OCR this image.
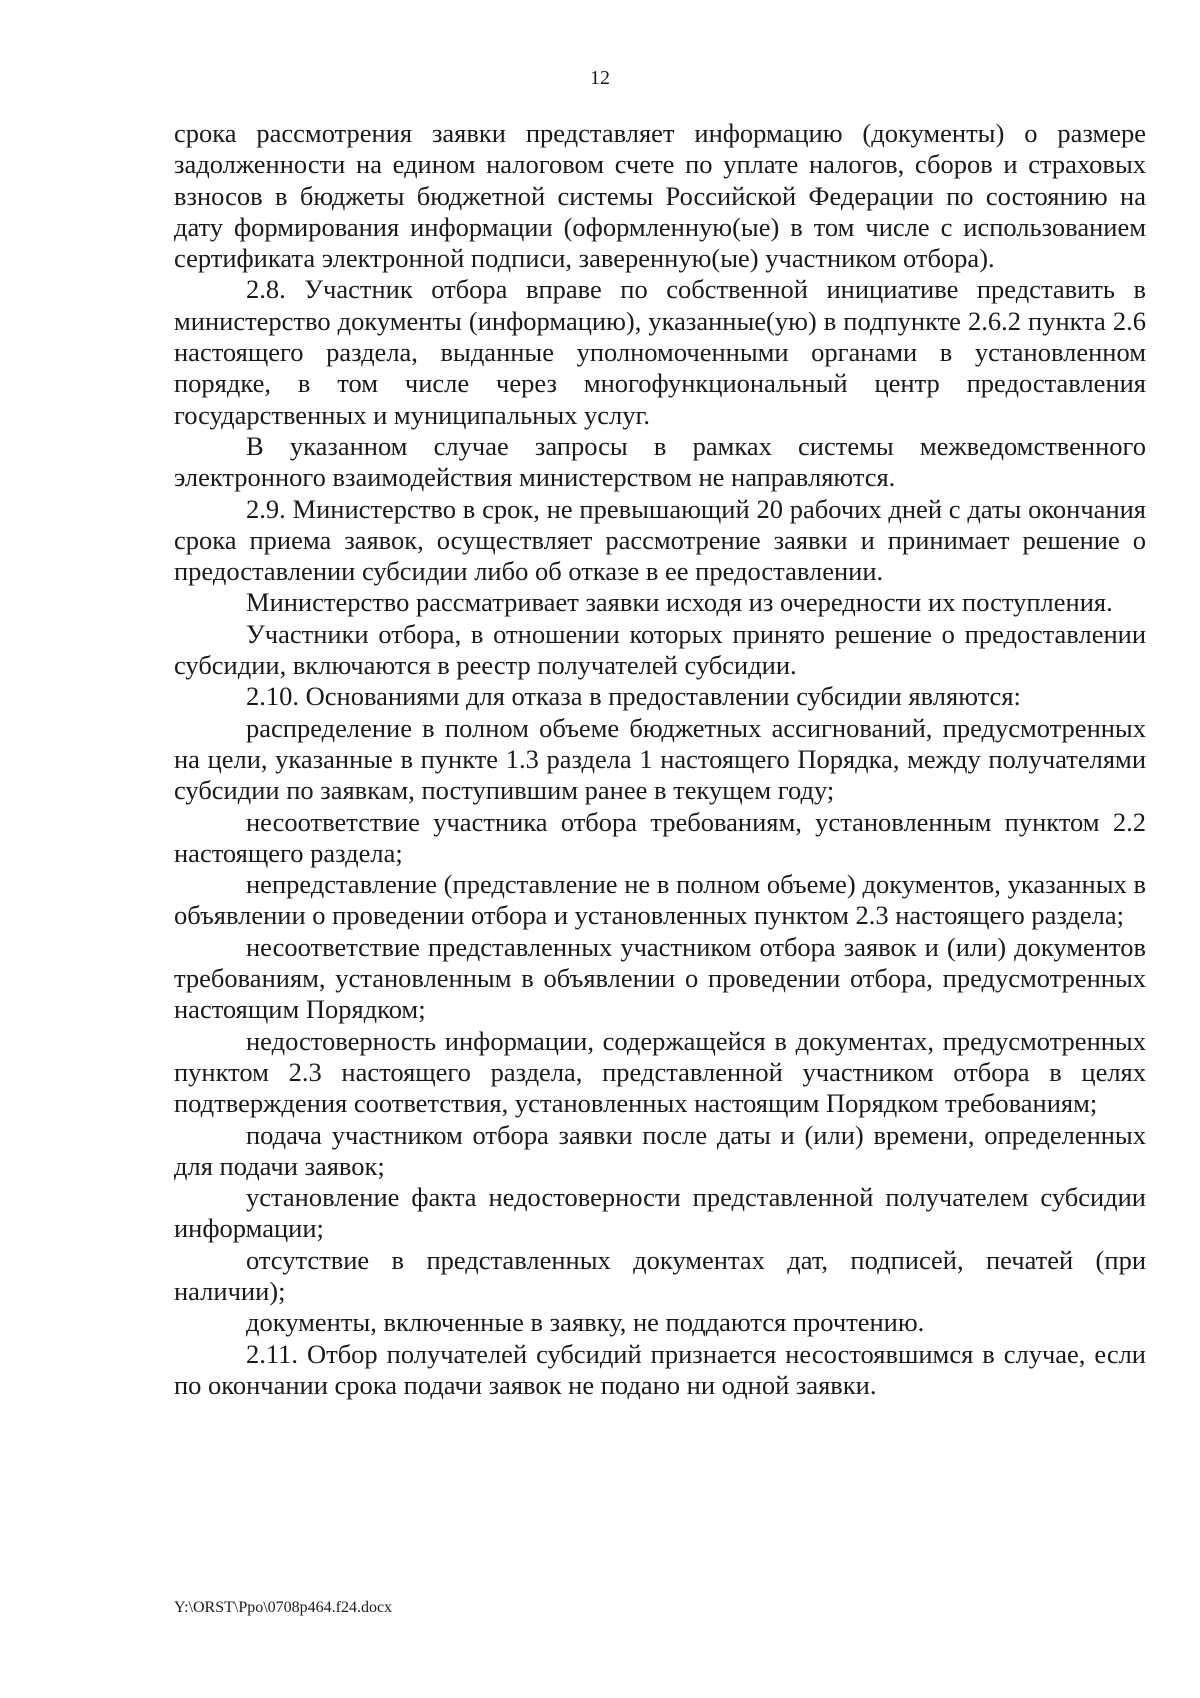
12

срока рассмотрения заявки представляет информацию (документы) о размере задолженности на едином налоговом счете по уплате налогов, сборов и страховых взносов в бюджеты бюджетной системы Российской Федерации по состоянию на дату формирования информации (оформленную(ые) в том числе с использованием сертификата электронной подписи, заверенную(ые) участником отбора).

2.8. Участник отбора вправе по собственной инициативе представить в министерство документы (информацию), указанные(ую) в подпункте 2.6.2 пункта 2.6 настоящего раздела, выданные уполномоченными органами в установленном порядке, в том числе через многофункциональный центр предоставления государственных и муниципальных услуг.

В указанном случае запросы в рамках системы межведомственного электронного взаимодействия министерством не направляются.

2.9. Министерство в срок, не превышающий 20 рабочих дней с даты окончания срока приема заявок, осуществляет рассмотрение заявки и принимает решение о предоставлении субсидии либо об отказе в ее предоставлении.

Министерство рассматривает заявки исходя из очередности их поступления.

Участники отбора, в отношении которых принято решение о предоставлении субсидии, включаются в реестр получателей субсидии.

2.10. Основаниями для отказа в предоставлении субсидии являются:

распределение в полном объеме бюджетных ассигнований, предусмотренных на цели, указанные в пункте 1.3 раздела 1 настоящего Порядка, между получателями субсидии по заявкам, поступившим ранее в текущем году;

несоответствие участника отбора требованиям, установленным пунктом 2.2 настоящего раздела;

непредставление (представление не в полном объеме) документов, указанных в объявлении о проведении отбора и установленных пунктом 2.3 настоящего раздела;

несоответствие представленных участником отбора заявок и (или) документов требованиям, установленным в объявлении о проведении отбора, предусмотренных настоящим Порядком;

недостоверность информации, содержащейся в документах, предусмотренных пунктом 2.3 настоящего раздела, представленной участником отбора в целях подтверждения соответствия, установленных настоящим Порядком требованиям;

подача участником отбора заявки после даты и (или) времени, определенных для подачи заявок;

установление факта недостоверности представленной получателем субсидии информации;

отсутствие в представленных документах дат, подписей, печатей (при наличии);

документы, включенные в заявку, не поддаются прочтению.

2.11. Отбор получателей субсидий признается несостоявшимся в случае, если по окончании срока подачи заявок не подано ни одной заявки.

Y:\ORST\Ppo\0708p464.f24.docx
